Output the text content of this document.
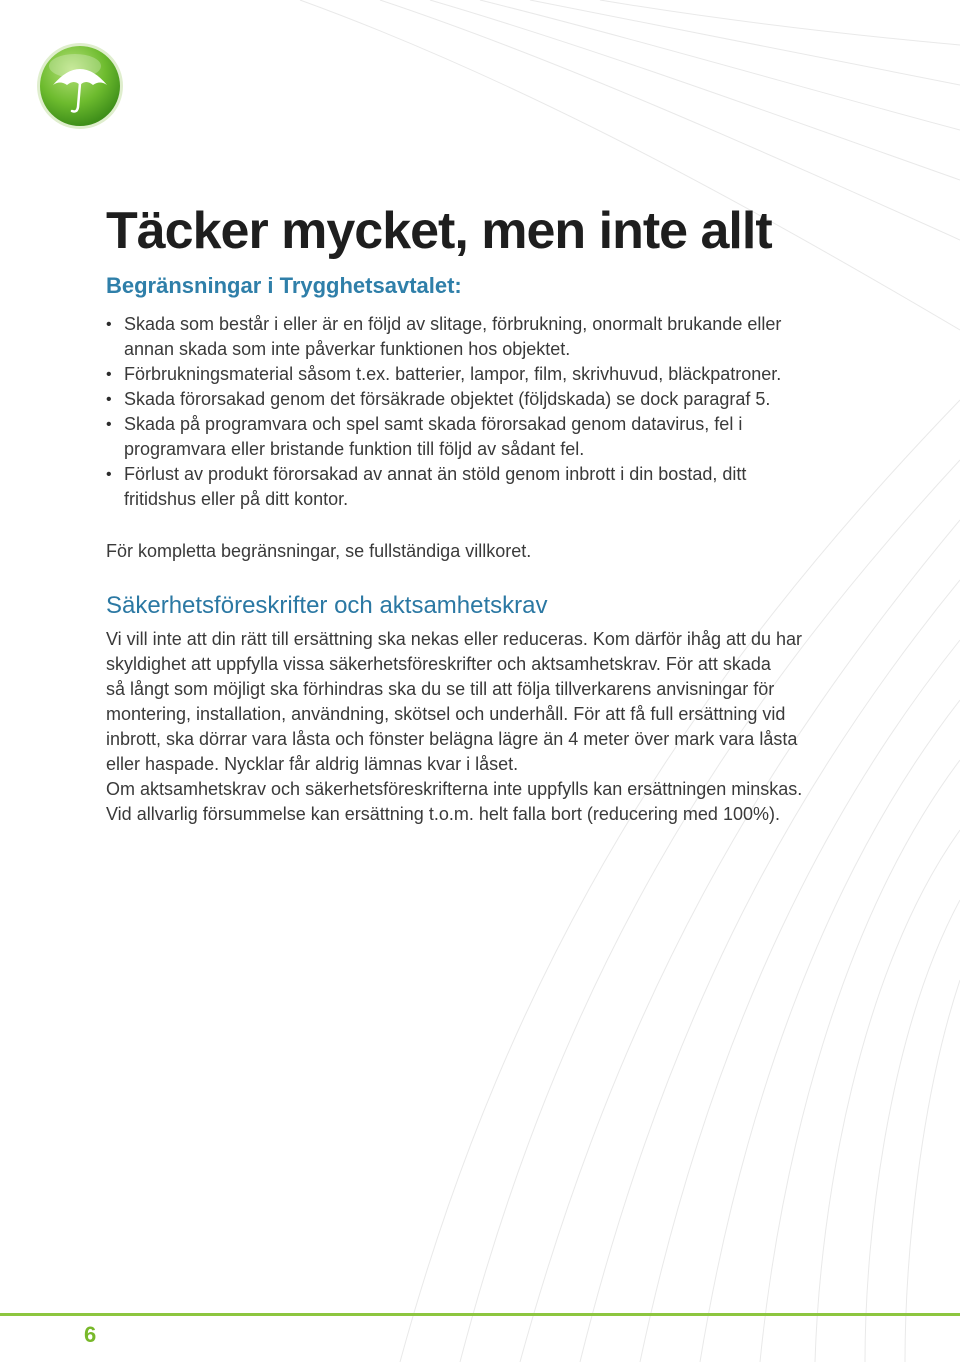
Täcker mycket, men inte allt
Begränsningar i Trygghetsavtalet:
• Skada som består i eller är en följd av slitage, förbrukning, onormalt brukande eller
annan skada som inte påverkar funktionen hos objektet.
• Förbrukningsmaterial såsom t.ex. batterier, lampor, film, skrivhuvud, bläckpatroner.
• Skada förorsakad genom det försäkrade objektet (följdskada) se dock paragraf 5.
• Skada på programvara och spel samt skada förorsakad genom datavirus, fel i
programvara eller bristande funktion till följd av sådant fel.
• Förlust av produkt förorsakad av annat än stöld genom inbrott i din bostad, ditt
fritidshus eller på ditt kontor.

För kompletta begränsningar, se fullständiga villkoret.

Säkerhetsföreskrifter och aktsamhetskrav

Vi vill inte att din rätt till ersättning ska nekas eller reduceras. Kom därför ihåg att du har
skyldighet att uppfylla vissa säkerhetsföreskrifter och aktsamhetskrav. För att skada
så långt som möjligt ska förhindras ska du se till att följa tillverkarens anvisningar för
montering, installation, användning, skötsel och underhåll. För att få full ersättning vid
inbrott, ska dörrar vara låsta och fönster belägna lägre än 4 meter över mark vara låsta
eller haspade. Nycklar får aldrig lämnas kvar i låset.
Om aktsamhetskrav och säkerhetsföreskrifterna inte uppfylls kan ersättningen minskas.
Vid allvarlig försummelse kan ersättning t.o.m. helt falla bort (reducering med 100%).

6
